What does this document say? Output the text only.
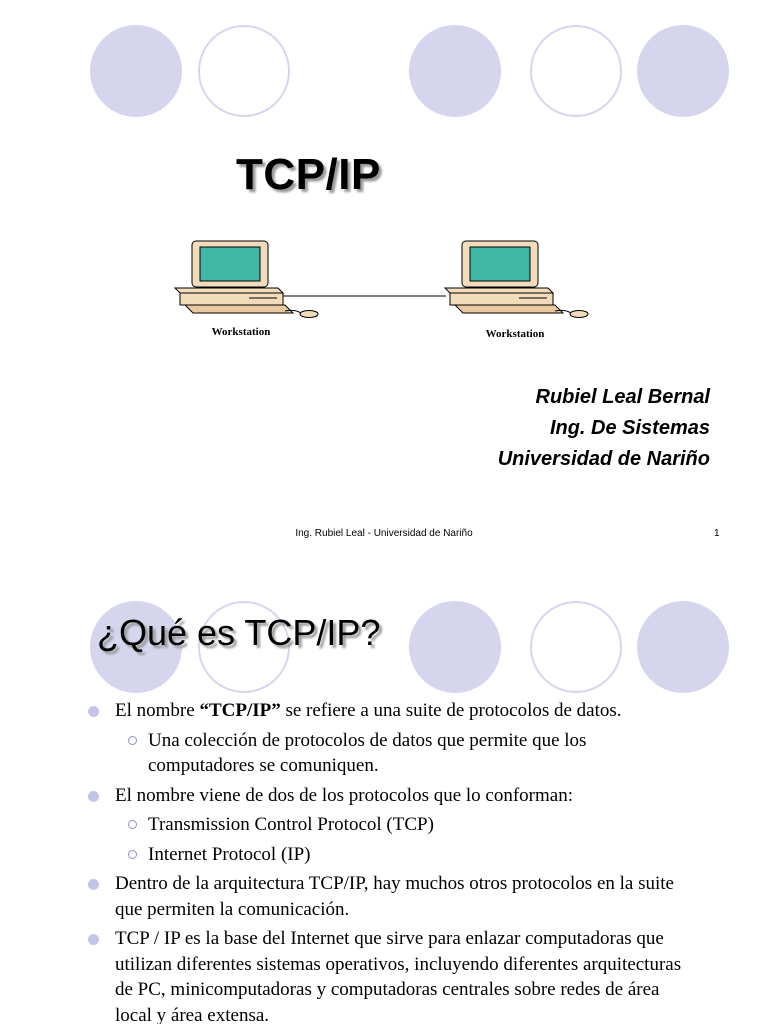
TCP/IP
Workstation	Workstation
Rubiel Leal Bernal
Ing. De Sistemas
Universidad de Nariño
Ing. Rubiel Leal - Universidad de Nariño	1
¿Qué es TCP/IP?
El nombre “TCP/IP” se refiere a una suite de protocolos de datos.
Una colección de protocolos de datos que permite que los computadores se comuniquen.
El nombre viene de dos de los protocolos que lo conforman:
Transmission Control Protocol (TCP)
Internet Protocol (IP)
Dentro de la arquitectura TCP/IP, hay muchos otros protocolos en la suite que permiten la comunicación.
TCP / IP es la base del Internet que sirve para enlazar computadoras que utilizan diferentes sistemas operativos, incluyendo diferentes arquitecturas de PC, minicomputadoras y computadoras centrales sobre redes de área local y área extensa.
